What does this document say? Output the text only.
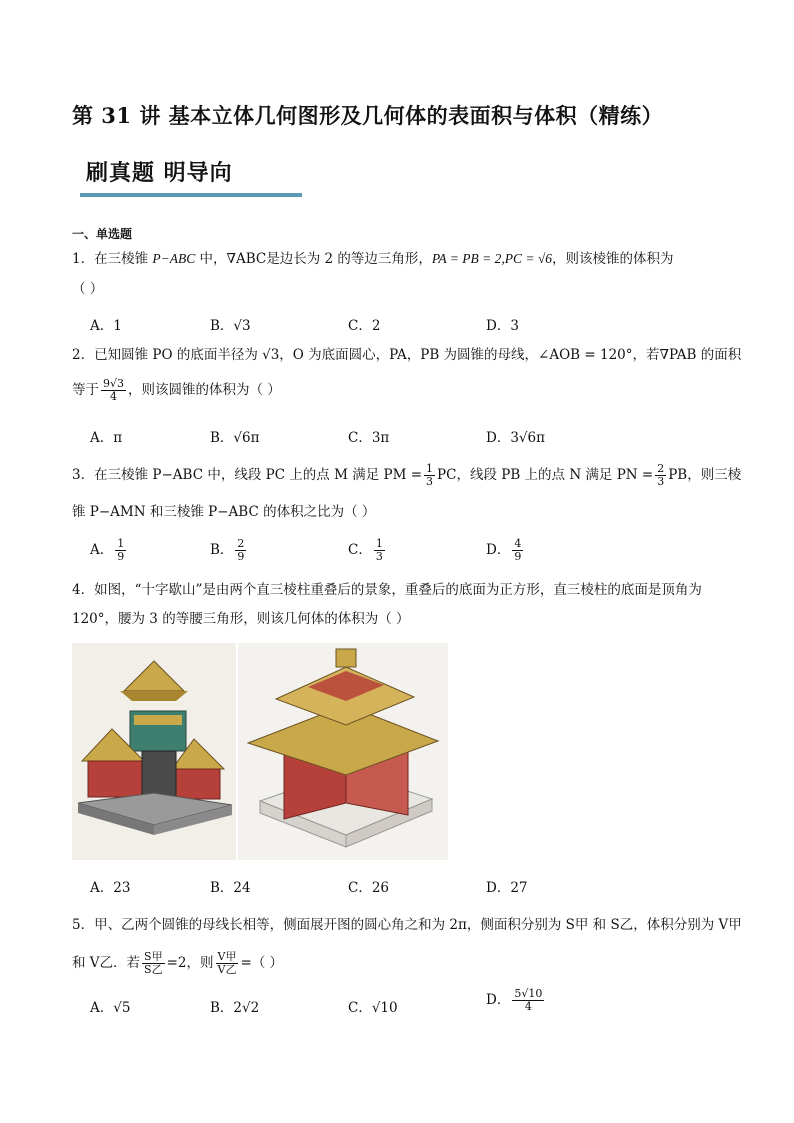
第 31 讲 基本立体几何图形及几何体的表面积与体积（精练）
刷真题 明导向
一、单选题
1．在三棱锥 P−ABC 中，∇ABC是边长为 2 的等边三角形，PA = PB = 2,PC = √6，则该棱锥的体积为
（ ）
A．1	B．√3	C．2	D．3
2．已知圆锥 PO 的底面半径为 √3，O 为底面圆心，PA，PB 为圆锥的母线，∠AOB = 120°，若∇PAB 的面积
等于 $\frac{9√3}{4}$ ，则该圆锥的体积为（ ）
A．π	B．√6π	C．3π	D．3√6π
3．在三棱锥 P−ABC 中，线段 PC 上的点 M 满足 PM = $\frac{1}{3}$ PC，线段 PB 上的点 N 满足 PN = $\frac{2}{3}$ PB，则三棱
锥 P−AMN 和三棱锥 P−ABC 的体积之比为（ ）
A． $\frac{1}{9}$	B． $\frac{2}{9}$	C． $\frac{1}{3}$	D． $\frac{4}{9}$
4．如图，“十字歇山”是由两个直三棱柱重叠后的景象，重叠后的底面为正方形，直三棱柱的底面是顶角为
120°，腰为 3 的等腰三角形，则该几何体的体积为（ ）
A．23	B．24	C．26	D．27
5．甲、乙两个圆锥的母线长相等，侧面展开图的圆心角之和为 2π，侧面积分别为 S甲 和 S乙，体积分别为 V甲
和 V乙．若 $\frac{\text{S甲}}{\text{S乙}} =2$，则 $\frac{\text{V甲}}{\text{V乙}}$ =（ ）
A．√5	B．2√2	C．√10	D． $\frac{5√10}{4}$
